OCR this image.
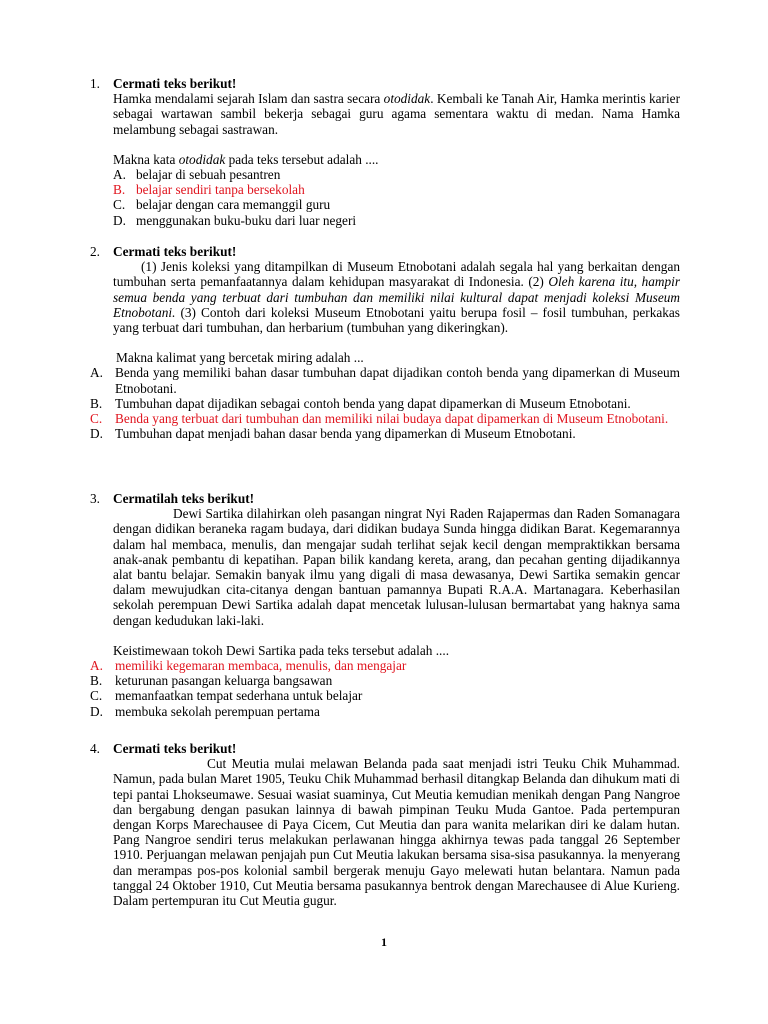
1. Cermati teks berikut!
Hamka mendalami sejarah Islam dan sastra secara otodidak. Kembali ke Tanah Air, Hamka merintis karier sebagai wartawan sambil bekerja sebagai guru agama sementara waktu di medan. Nama Hamka melambung sebagai sastrawan.
Makna kata otodidak pada teks tersebut adalah ....
A. belajar di sebuah pesantren
B. belajar sendiri tanpa bersekolah
C. belajar dengan cara memanggil guru
D. menggunakan buku-buku dari luar negeri
2. Cermati teks berikut!
(1) Jenis koleksi yang ditampilkan di Museum Etnobotani adalah segala hal yang berkaitan dengan tumbuhan serta pemanfaatannya dalam kehidupan masyarakat di Indonesia. (2) Oleh karena itu, hampir semua benda yang terbuat dari tumbuhan dan memiliki nilai kultural dapat menjadi koleksi Museum Etnobotani. (3) Contoh dari koleksi Museum Etnobotani yaitu berupa fosil – fosil tumbuhan, perkakas yang terbuat dari tumbuhan, dan herbarium (tumbuhan yang dikeringkan).
Makna kalimat yang bercetak miring adalah ...
A. Benda yang memiliki bahan dasar tumbuhan dapat dijadikan contoh benda yang dipamerkan di Museum Etnobotani.
B. Tumbuhan dapat dijadikan sebagai contoh benda yang dapat dipamerkan di Museum Etnobotani.
C. Benda yang terbuat dari tumbuhan dan memiliki nilai budaya dapat dipamerkan di Museum Etnobotani.
D. Tumbuhan dapat menjadi bahan dasar benda yang dipamerkan di Museum Etnobotani.
3. Cermatilah teks berikut!
Dewi Sartika dilahirkan oleh pasangan ningrat Nyi Raden Rajapermas dan Raden Somanagara dengan didikan beraneka ragam budaya, dari didikan budaya Sunda hingga didikan Barat. Kegemarannya dalam hal membaca, menulis, dan mengajar sudah terlihat sejak kecil dengan mempraktikkan bersama anak-anak pembantu di kepatihan. Papan bilik kandang kereta, arang, dan pecahan genting dijadikannya alat bantu belajar. Semakin banyak ilmu yang digali di masa dewasanya, Dewi Sartika semakin gencar dalam mewujudkan cita-citanya dengan bantuan pamannya Bupati R.A.A. Martanagara. Keberhasilan sekolah perempuan Dewi Sartika adalah dapat mencetak lulusan-lulusan bermartabat yang haknya sama dengan kedudukan laki-laki.
Keistimewaan tokoh Dewi Sartika pada teks tersebut adalah ....
A. memiliki kegemaran membaca, menulis, dan mengajar
B. keturunan pasangan keluarga bangsawan
C. memanfaatkan tempat sederhana untuk belajar
D. membuka sekolah perempuan pertama
4. Cermati teks berikut!
Cut Meutia mulai melawan Belanda pada saat menjadi istri Teuku Chik Muhammad. Namun, pada bulan Maret 1905, Teuku Chik Muhammad berhasil ditangkap Belanda dan dihukum mati di tepi pantai Lhokseumawe. Sesuai wasiat suaminya, Cut Meutia kemudian menikah dengan Pang Nangroe dan bergabung dengan pasukan lainnya di bawah pimpinan Teuku Muda Gantoe. Pada pertempuran dengan Korps Marechausee di Paya Cicem, Cut Meutia dan para wanita melarikan diri ke dalam hutan. Pang Nangroe sendiri terus melakukan perlawanan hingga akhirnya tewas pada tanggal 26 September 1910. Perjuangan melawan penjajah pun Cut Meutia lakukan bersama sisa-sisa pasukannya. la menyerang dan merampas pos-pos kolonial sambil bergerak menuju Gayo melewati hutan belantara. Namun pada tanggal 24 Oktober 1910, Cut Meutia bersama pasukannya bentrok dengan Marechausee di Alue Kurieng. Dalam pertempuran itu Cut Meutia gugur.
1
